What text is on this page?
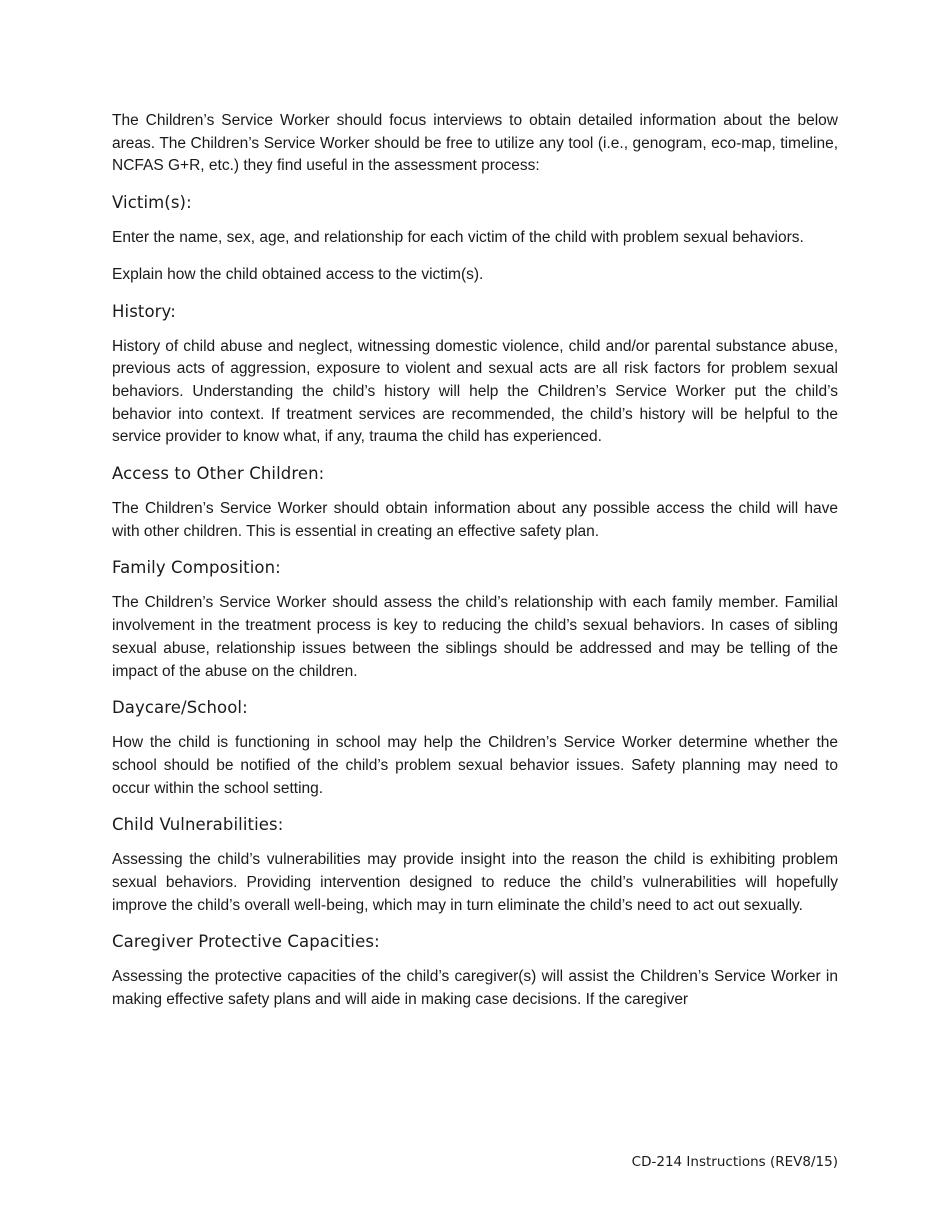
The Children’s Service Worker should focus interviews to obtain detailed information about the below areas. The Children’s Service Worker should be free to utilize any tool (i.e., genogram, eco-map, timeline, NCFAS G+R, etc.) they find useful in the assessment process:

Victim(s):

Enter the name, sex, age, and relationship for each victim of the child with problem sexual behaviors.

Explain how the child obtained access to the victim(s).

History:

History of child abuse and neglect, witnessing domestic violence, child and/or parental substance abuse, previous acts of aggression, exposure to violent and sexual acts are all risk factors for problem sexual behaviors. Understanding the child’s history will help the Children’s Service Worker put the child’s behavior into context. If treatment services are recommended, the child’s history will be helpful to the service provider to know what, if any, trauma the child has experienced.

Access to Other Children:

The Children’s Service Worker should obtain information about any possible access the child will have with other children. This is essential in creating an effective safety plan.

Family Composition:

The Children’s Service Worker should assess the child’s relationship with each family member. Familial involvement in the treatment process is key to reducing the child’s sexual behaviors. In cases of sibling sexual abuse, relationship issues between the siblings should be addressed and may be telling of the impact of the abuse on the children.

Daycare/School:

How the child is functioning in school may help the Children’s Service Worker determine whether the school should be notified of the child’s problem sexual behavior issues. Safety planning may need to occur within the school setting.

Child Vulnerabilities:

Assessing the child’s vulnerabilities may provide insight into the reason the child is exhibiting problem sexual behaviors. Providing intervention designed to reduce the child’s vulnerabilities will hopefully improve the child’s overall well-being, which may in turn eliminate the child’s need to act out sexually.

Caregiver Protective Capacities:

Assessing the protective capacities of the child’s caregiver(s) will assist the Children’s Service Worker in making effective safety plans and will aide in making case decisions. If the caregiver

CD-214 Instructions (REV8/15)
